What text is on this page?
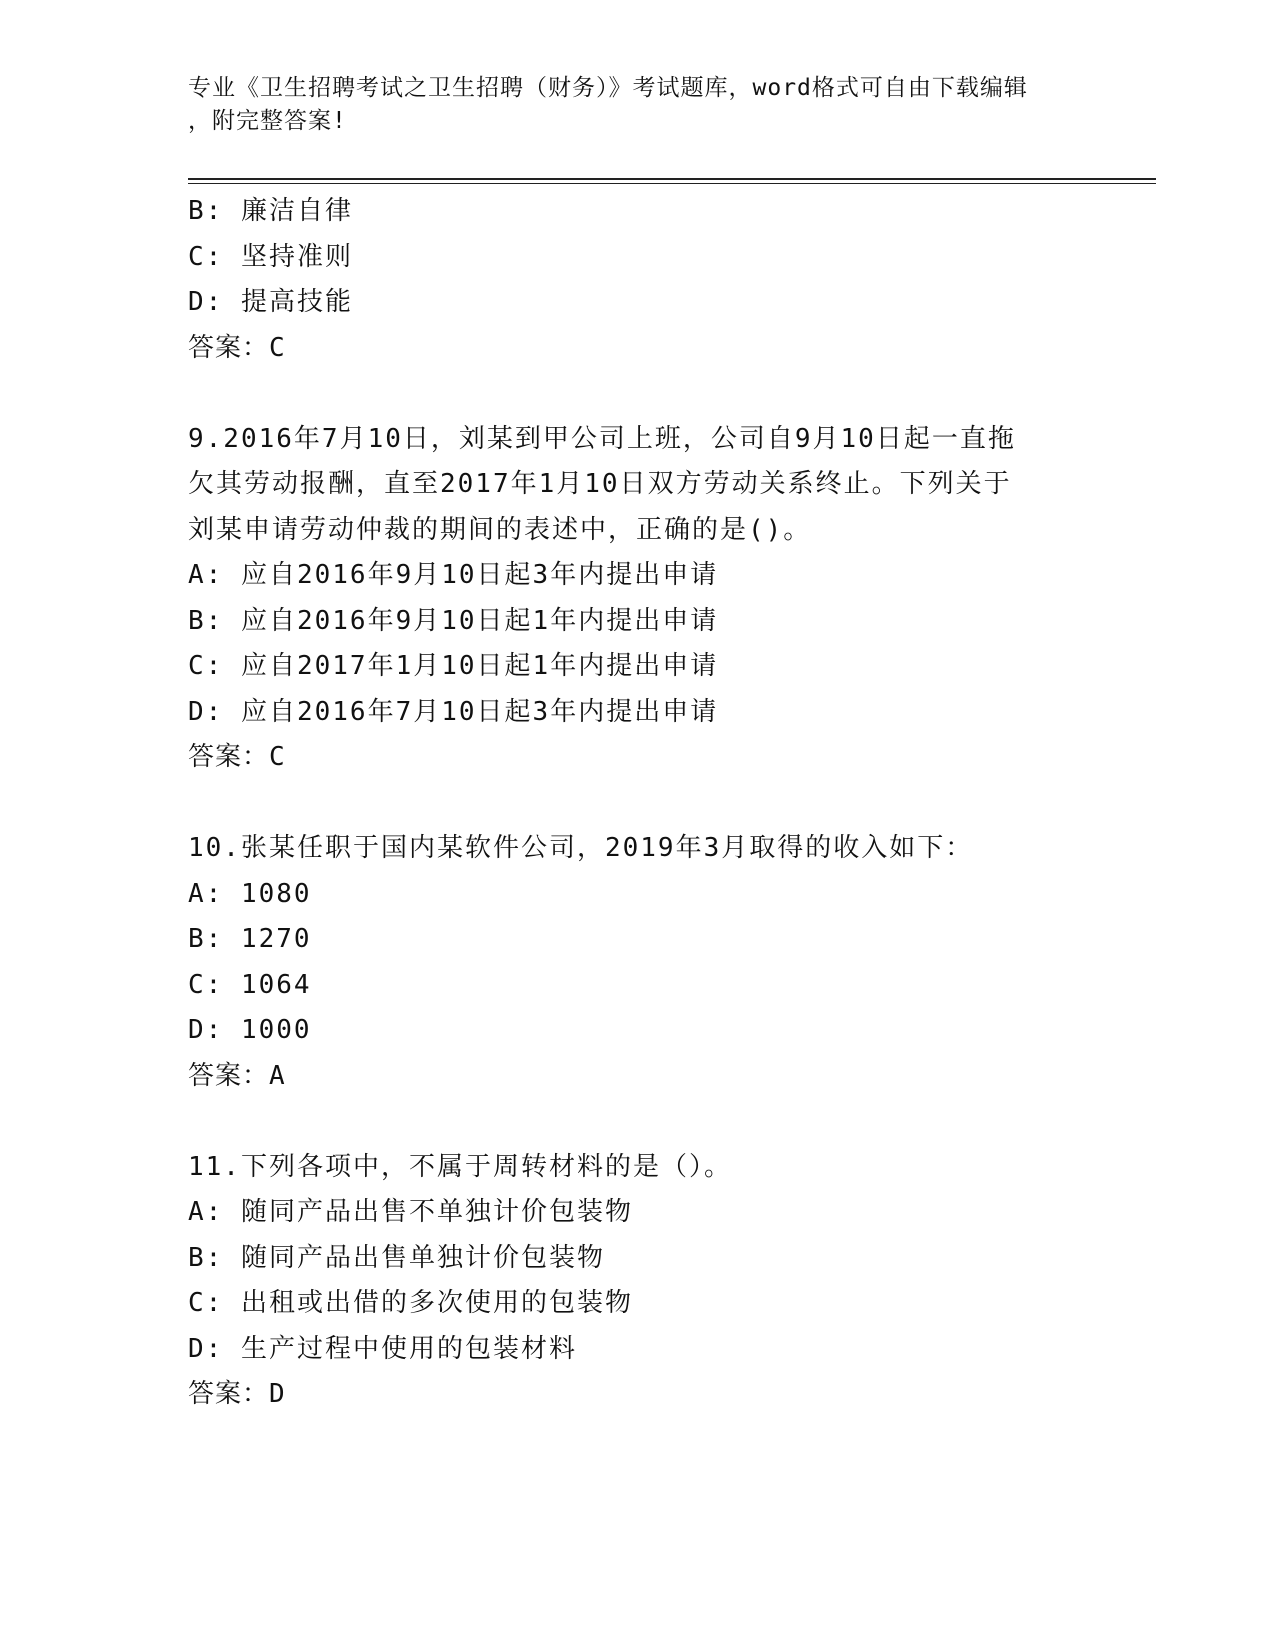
专业《卫生招聘考试之卫生招聘（财务）》考试题库，word格式可自由下载编辑
，附完整答案!
B: 廉洁自律
C: 坚持准则
D: 提高技能
答案：C
9.2016年7月10日，刘某到甲公司上班，公司自9月10日起一直拖
欠其劳动报酬，直至2017年1月10日双方劳动关系终止。下列关于
刘某申请劳动仲裁的期间的表述中，正确的是()。
A: 应自2016年9月10日起3年内提出申请
B: 应自2016年9月10日起1年内提出申请
C: 应自2017年1月10日起1年内提出申请
D: 应自2016年7月10日起3年内提出申请
答案：C
10.张某任职于国内某软件公司，2019年3月取得的收入如下：
A: 1080
B: 1270
C: 1064
D: 1000
答案：A
11.下列各项中，不属于周转材料的是（）。
A: 随同产品出售不单独计价包装物
B: 随同产品出售单独计价包装物
C: 出租或出借的多次使用的包装物
D: 生产过程中使用的包装材料
答案：D
